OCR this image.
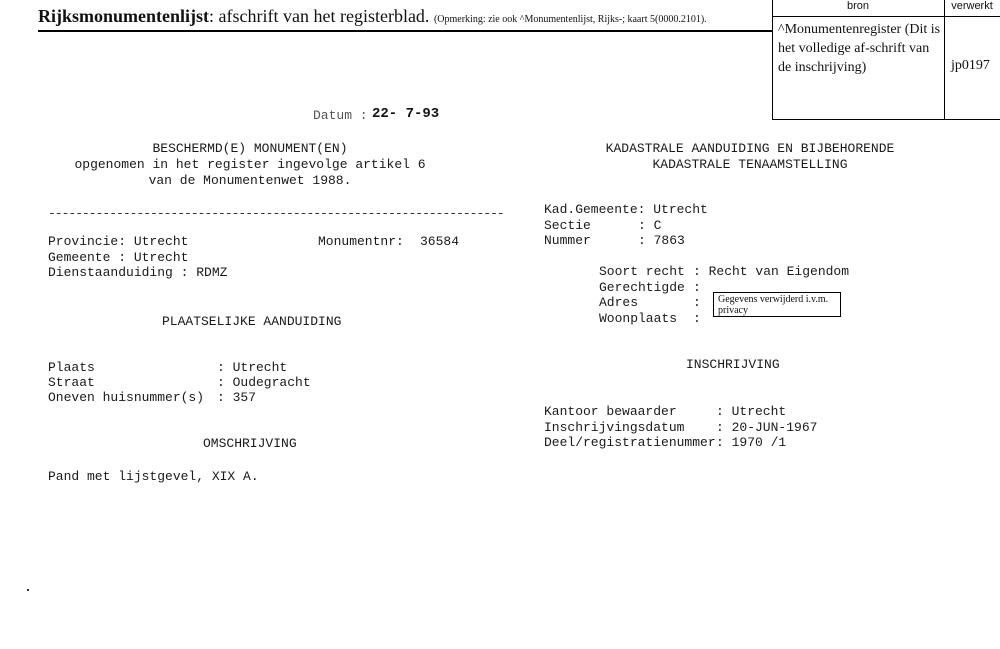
Rijksmonumentenlijst: afschrift van het registerblad. (Opmerking: zie ook ^Monumentenlijst, Rijks-; kaart 5(0000.2101).
bron	verwerkt
^Monumentenregister (Dit is het volledige af-schrift van de inschrijving)	jp0197
Datum : 22- 7-93
BESCHERMD(E) MONUMENT(EN)
opgenomen in het register ingevolge artikel 6
van de Monumentenwet 1988.
KADASTRALE AANDUIDING EN BIJBEHORENDE
KADASTRALE TENAAMSTELLING
-------------------------------------------------------------------
Provincie: Utrecht	Monumentnr: 36584
Gemeente : Utrecht
Dienstaanduiding : RDMZ
PLAATSELIJKE AANDUIDING
Plaats	: Utrecht
Straat	: Oudegracht
Oneven huisnummer(s) : 357
OMSCHRIJVING
Pand met lijstgevel, XIX A.
Kad.Gemeente: Utrecht
Sectie	: C
Nummer	: 7863
Soort recht : Recht van Eigendom
Gerechtigde :
Adres	:
Woonplaats :
Gegevens verwijderd i.v.m. privacy
INSCHRIJVING
Kantoor bewaarder	: Utrecht
Inschrijvingsdatum : 20-JUN-1967
Deel/registratienummer : 1970 /1
